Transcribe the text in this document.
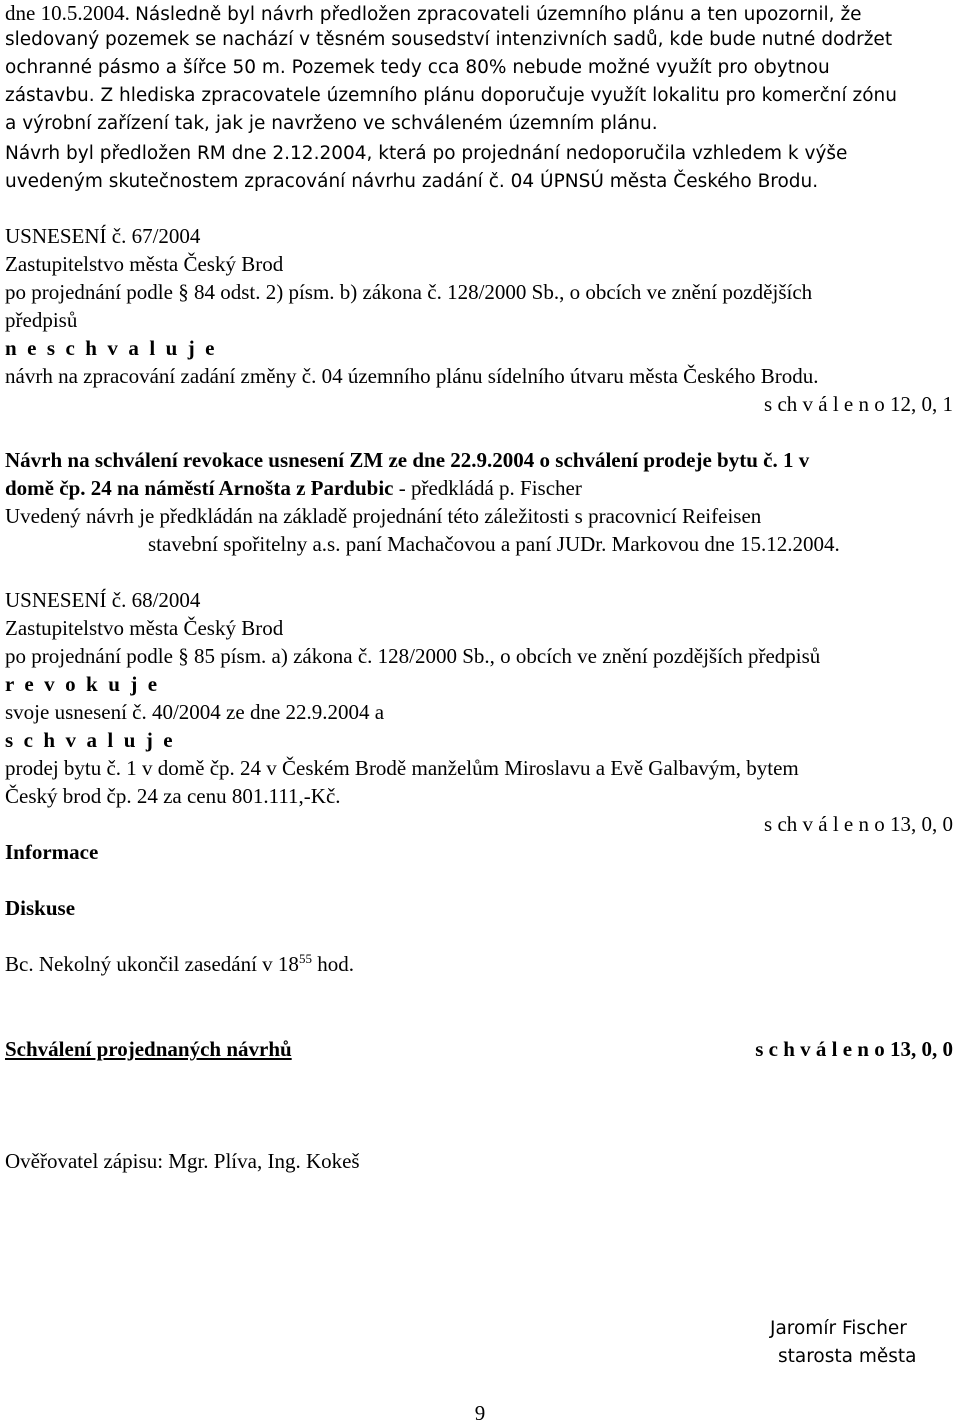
dne 10.5.2004. Následně byl návrh předložen zpracovateli územního plánu a ten upozornil, že
sledovaný pozemek se nachází v těsném sousedství intenzivních sadů, kde bude nutné dodržet
ochranné pásmo a šířce 50 m. Pozemek tedy cca 80% nebude možné využít pro obytnou
zástavbu. Z hlediska zpracovatele územního plánu doporučuje využít lokalitu pro komerční zónu
a výrobní zařízení tak, jak je navrženo ve schváleném územním plánu.
Návrh byl předložen RM dne 2.12.2004, která po projednání nedoporučila vzhledem k výše
uvedeným skutečnostem zpracování návrhu zadání č. 04 ÚPNSÚ města Českého Brodu.
USNESENÍ č. 67/2004
Zastupitelstvo města Český Brod
po projednání podle § 84 odst. 2) písm. b) zákona č. 128/2000 Sb., o obcích ve znění pozdějších
předpisů
n e s c h v a l u j e
návrh na zpracování zadání změny č. 04 územního plánu sídelního útvaru města Českého Brodu.
s ch v á l e n o 12, 0, 1
Návrh na schválení revokace usnesení ZM ze dne 22.9.2004 o schválení prodeje bytu č. 1 v
domě čp. 24 na náměstí Arnošta z Pardubic - předkládá p. Fischer
Uvedený návrh je předkládán na základě projednání této záležitosti s pracovnicí Reifeisen
stavební spořitelny a.s. paní Machačovou a paní JUDr. Markovou dne 15.12.2004.
USNESENÍ č. 68/2004
Zastupitelstvo města Český Brod
po projednání podle § 85 písm. a) zákona č. 128/2000 Sb., o obcích ve znění pozdějších předpisů
r e v o k u j e
svoje usnesení č. 40/2004 ze dne 22.9.2004 a
s c h v a l u j e
prodej bytu č. 1 v domě čp. 24 v Českém Brodě manželům Miroslavu a Evě Galbavým, bytem
Český brod čp. 24 za cenu 801.111,-Kč.
s ch v á l e n o 13, 0, 0
Informace
Diskuse
Bc. Nekolný ukončil zasedání v $18^{55}$ hod.
Schválení projednaných návrhů	s c h v á l e n o 13, 0, 0
Ověřovatel zápisu: Mgr. Plíva, Ing. Kokeš
Jaromír Fischer
starosta města
9
